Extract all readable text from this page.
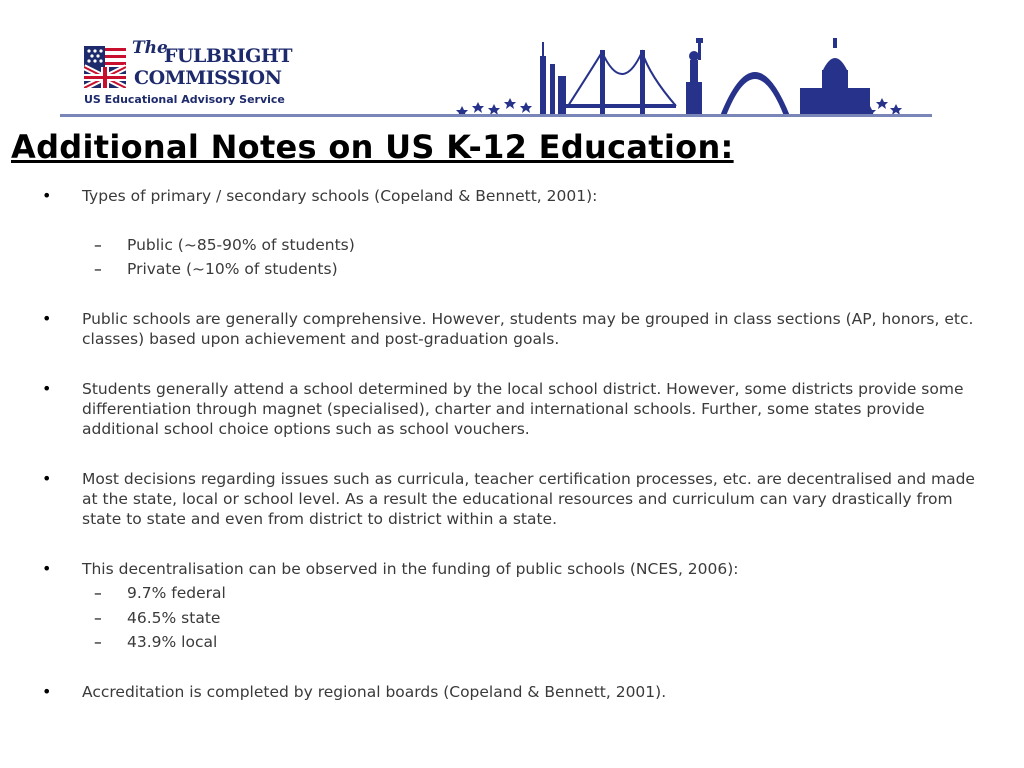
The
FULBRIGHT
COMMISSION
US Educational Advisory Service
Additional Notes on US K-12 Education:
• Types of primary / secondary schools (Copeland & Bennett, 2001):
– Public (~85-90% of students)
– Private (~10% of students)
• Public schools are generally comprehensive. However, students may be grouped in class sections (AP, honors, etc. classes) based upon achievement and post-graduation goals.
• Students generally attend a school determined by the local school district. However, some districts provide some differentiation through magnet (specialised), charter and international schools. Further, some states provide additional school choice options such as school vouchers.
• Most decisions regarding issues such as curricula, teacher certification processes, etc. are decentralised and made at the state, local or school level. As a result the educational resources and curriculum can vary drastically from state to state and even from district to district within a state.
• This decentralisation can be observed in the funding of public schools (NCES, 2006):
– 9.7% federal
– 46.5% state
– 43.9% local
• Accreditation is completed by regional boards (Copeland & Bennett, 2001).
